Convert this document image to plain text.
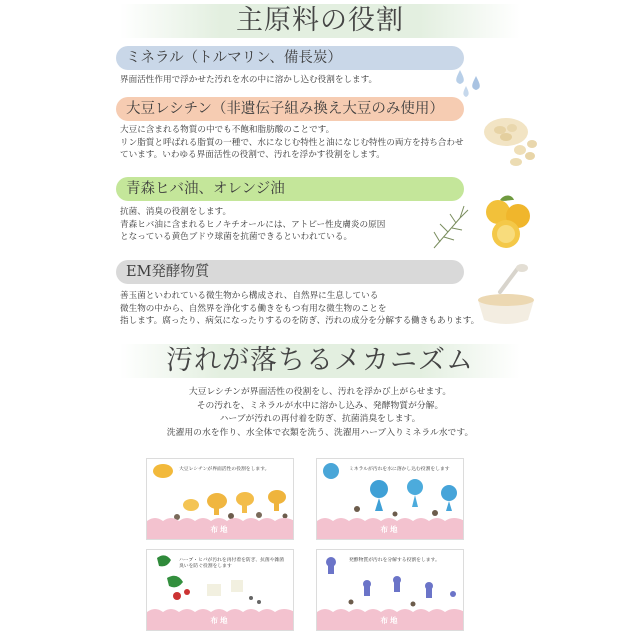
主原料の役割
ミネラル（トルマリン、備長炭）
界面活性作用で浮かせた汚れを水の中に溶かし込む役割をします。
大豆レシチン（非遺伝子組み換え大豆のみ使用）
大豆に含まれる物質の中でも不飽和脂肪酸のことです。
リン脂質と呼ばれる脂質の一種で、水になじむ特性と油になじむ特性の両方を持ち合わせ
ています。いわゆる界面活性の役割で、汚れを浮かす役割をします。
青森ヒバ油、オレンジ油
抗菌、消臭の役割をします。
青森ヒバ油に含まれるヒノキチオールには、アトピー性皮膚炎の原因
となっている黄色ブドウ球菌を抗菌できるといわれている。
EM発酵物質
善玉菌といわれている微生物から構成され、自然界に生息している
微生物の中から、自然界を浄化する働きをもつ有用な微生物のことを
指します。腐ったり、病気になったりするのを防ぎ、汚れの成分を分解する働きもあります。
汚れが落ちるメカニズム
大豆レシチンが界面活性の役割をし、汚れを浮かび上がらせます。
その汚れを、ミネラルが水中に溶かし込み、発酵物質が分解。
ハーブが汚れの再付着を防ぎ、抗菌消臭をします。
洗濯用の水を作り、水全体で衣類を洗う、洗濯用ハーブ入りミネラル水です。
大豆レシチンが界面活性の役割をします。
布地
ミネラルが汚れを水に溶かし込む役割をします
布地
ハーブ・ヒバが汚れを再付着を防ぎ、抗菌や雑菌臭いを防ぐ役割をします
布地
発酵物質が汚れを分解する役割をします。
布地
